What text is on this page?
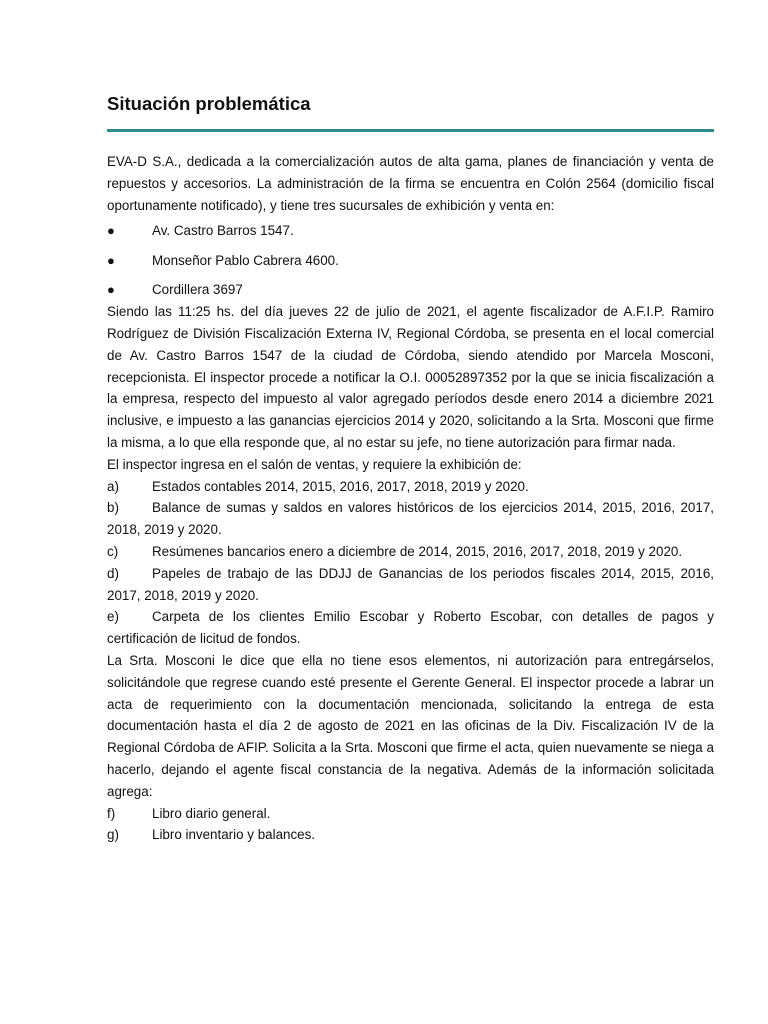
Situación problemática

EVA-D S.A., dedicada a la comercialización autos de alta gama, planes de financiación y venta de repuestos y accesorios. La administración de la firma se encuentra en Colón 2564 (domicilio fiscal oportunamente notificado), y tiene tres sucursales de exhibición y venta en:

●	Av. Castro Barros 1547.
●	Monseñor Pablo Cabrera 4600.
●	Cordillera 3697

Siendo las 11:25 hs. del día jueves 22 de julio de 2021, el agente fiscalizador de A.F.I.P. Ramiro Rodríguez de División Fiscalización Externa IV, Regional Córdoba, se presenta en el local comercial de Av. Castro Barros 1547 de la ciudad de Córdoba, siendo atendido por Marcela Mosconi, recepcionista. El inspector procede a notificar la O.I. 00052897352 por la que se inicia fiscalización a la empresa, respecto del impuesto al valor agregado períodos desde enero 2014 a diciembre 2021 inclusive, e impuesto a las ganancias ejercicios 2014 y 2020, solicitando a la Srta. Mosconi que firme la misma, a lo que ella responde que, al no estar su jefe, no tiene autorización para firmar nada.

El inspector ingresa en el salón de ventas, y requiere la exhibición de:

a) Estados contables 2014, 2015, 2016, 2017, 2018, 2019 y 2020.

b) Balance de sumas y saldos en valores históricos de los ejercicios 2014, 2015, 2016, 2017, 2018, 2019 y 2020.

c)	Resúmenes bancarios enero a diciembre de 2014, 2015, 2016, 2017, 2018, 2019 y 2020.

d) Papeles de trabajo de las DDJJ de Ganancias de los periodos fiscales 2014, 2015, 2016, 2017, 2018, 2019 y 2020.

e) Carpeta de los clientes Emilio Escobar y Roberto Escobar, con detalles de pagos y certificación de licitud de fondos.

La Srta. Mosconi le dice que ella no tiene esos elementos, ni autorización para entregárselos, solicitándole que regrese cuando esté presente el Gerente General. El inspector procede a labrar un acta de requerimiento con la documentación mencionada, solicitando la entrega de esta documentación hasta el día 2 de agosto de 2021 en las oficinas de la Div. Fiscalización IV de la Regional Córdoba de AFIP. Solicita a la Srta. Mosconi que firme el acta, quien nuevamente se niega a hacerlo, dejando el agente fiscal constancia de la negativa. Además de la información solicitada agrega:

f)	Libro diario general.

g) Libro inventario y balances.
